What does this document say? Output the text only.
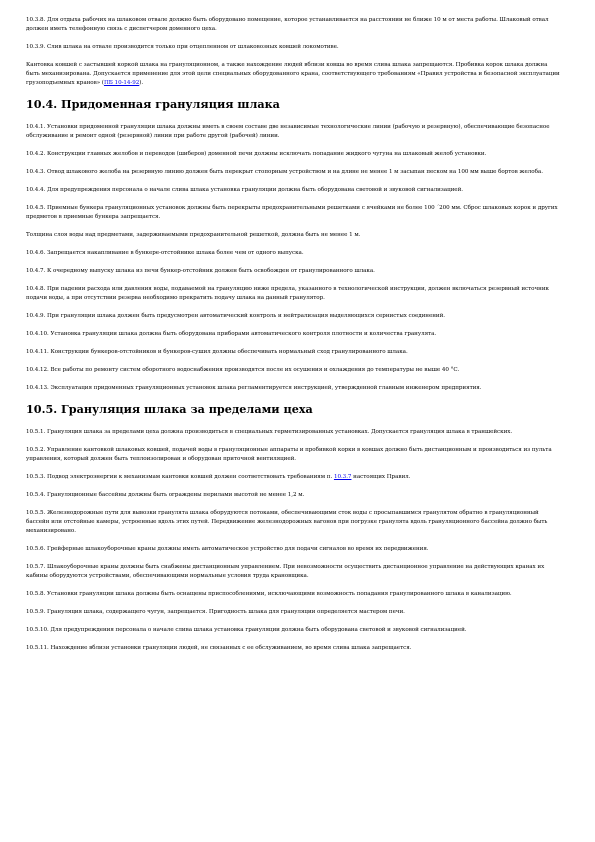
10.3.8. Для отдыха рабочих на шлаковом отвале должно быть оборудовано помещение, которое устанавливается на расстоянии не ближе 10 м от места работы. Шлаковый отвал должен иметь телефонную связь с диспетчером доменного цеха.

10.3.9. Слив шлака на отвале производится только при отцепленном от шлаковозных ковшей локомотиве.

Кантовка ковшей с застывшей коркой шлака на грануляционном, а также нахождение людей вблизи ковша во время слива шлака запрещаются. Пробивка корок шлака должна быть механизирована. Допускается применение для этой цели специальных оборудованного крана, соответствующего требованиям «Правил устройства и безопасной эксплуатации грузоподъемных кранов» (ПБ 10-14-92).

10.4. Придоменная грануляция шлака

10.4.1. Установки придоменной грануляции шлака должны иметь в своем составе две независимые технологические линии (рабочую и резервную), обеспечивающие безопасное обслуживание и ремонт одной (резервной) линии при работе другой (рабочей) линии.

10.4.2. Конструкции главных желобов и переводов (шиберов) доменной печи должны исключать попадание жидкого чугуна на шлаковый желоб установки.

10.4.3. Отвод шлакового желоба на резервную линию должен быть перекрыт стопорным устройством и на длине не менее 1 м засыпан песком на 100 мм выше бортов желоба.

10.4.4. Для предупреждения персонала о начале слива шлака установка грануляции должна быть оборудована световой и звуковой сигнализацией.

10.4.5. Приемные бункера грануляционных установок должны быть перекрыты предохранительными решетками с ячейками не более 100 ´200 мм. Сброс шлаковых корок и других предметов в приемные бункера запрещается.

Толщина слоя воды над предметами, задерживаемыми предохранительной решеткой, должна быть не менее 1 м.

10.4.6. Запрещается накапливание в бункере-отстойнике шлака более чем от одного выпуска.

10.4.7. К очередному выпуску шлака из печи бункер-отстойник должен быть освобожден от гранулированного шлака.

10.4.8. При падении расхода или давления воды, подаваемой на грануляцию ниже предела, указанного в технологической инструкции, должен включаться резервный источник подачи воды, а при отсутствии резерва необходимо прекратить подачу шлака на данный гранулятор.

10.4.9. При грануляции шлака должен быть предусмотрен автоматический контроль и нейтрализация выделяющихся сернистых соединений.

10.4.10. Установка грануляции шлака должна быть оборудована приборами автоматического контроля плотности и количества гранулята.

10.4.11. Конструкции бункеров-отстойников и бункеров-сушил должны обеспечивать нормальный сход гранулированного шлака.

10.4.12. Все работы по ремонту систем оборотного водоснабжения производятся после их осушения и охлаждения до температуры не выше 40 °С.

10.4.13. Эксплуатация придоменных грануляционных установок шлака регламентируется инструкцией, утвержденной главным инженером предприятия.

10.5. Грануляция шлака за пределами цеха

10.5.1. Грануляция шлака за пределами цеха должна производиться в специальных герметизированных установках. Допускается грануляция шлака в траншейских.

10.5.2. Управление кантовкой шлаковых ковшей, подачей воды в грануляционные аппараты и пробивкой корки в ковшах должно быть дистанционным и производиться из пульта управления, который должен быть теплоизолирован и оборудован приточной вентиляцией.

10.5.3. Подвод электроэнергии к механизмам кантовки ковшей должен соответствовать требованиям п. 10.3.7 настоящих Правил.

10.5.4. Грануляционные бассейны должны быть ограждены перилами высотой не менее 1,2 м.

10.5.5. Железнодорожные пути для вывозки гранулята шлака оборудуются потоками, обеспечивающими сток воды с просыпавшимся гранулятом обратно в грануляционный бассейн или отстойные камеры, устроенные вдоль этих путей. Передвижение железнодорожных вагонов при погрузке гранулята вдоль грануляционного бассейна должно быть механизировано.

10.5.6. Грейферные шлакоуборочные краны должны иметь автоматическое устройство для подачи сигналов во время их передвижения.

10.5.7. Шлакоуборочные краны должны быть снабжены дистанционным управлением. При невозможности осуществить дистанционное управление на действующих кранах их кабины оборудуются устройствами, обеспечивающими нормальные условия труда крановщика.

10.5.8. Установки грануляции шлака должны быть оснащены приспособлениями, исключающими возможность попадания гранулированного шлака в канализацию.

10.5.9. Грануляция шлака, содержащего чугун, запрещается. Пригодность шлака для грануляции определяется мастером печи.

10.5.10. Для предупреждения персонала о начале слива шлака установка грануляции должна быть оборудована световой и звуковой сигнализацией.

10.5.11. Нахождение вблизи установки грануляции людей, не связанных с ее обслуживанием, во время слива шлака запрещается.
